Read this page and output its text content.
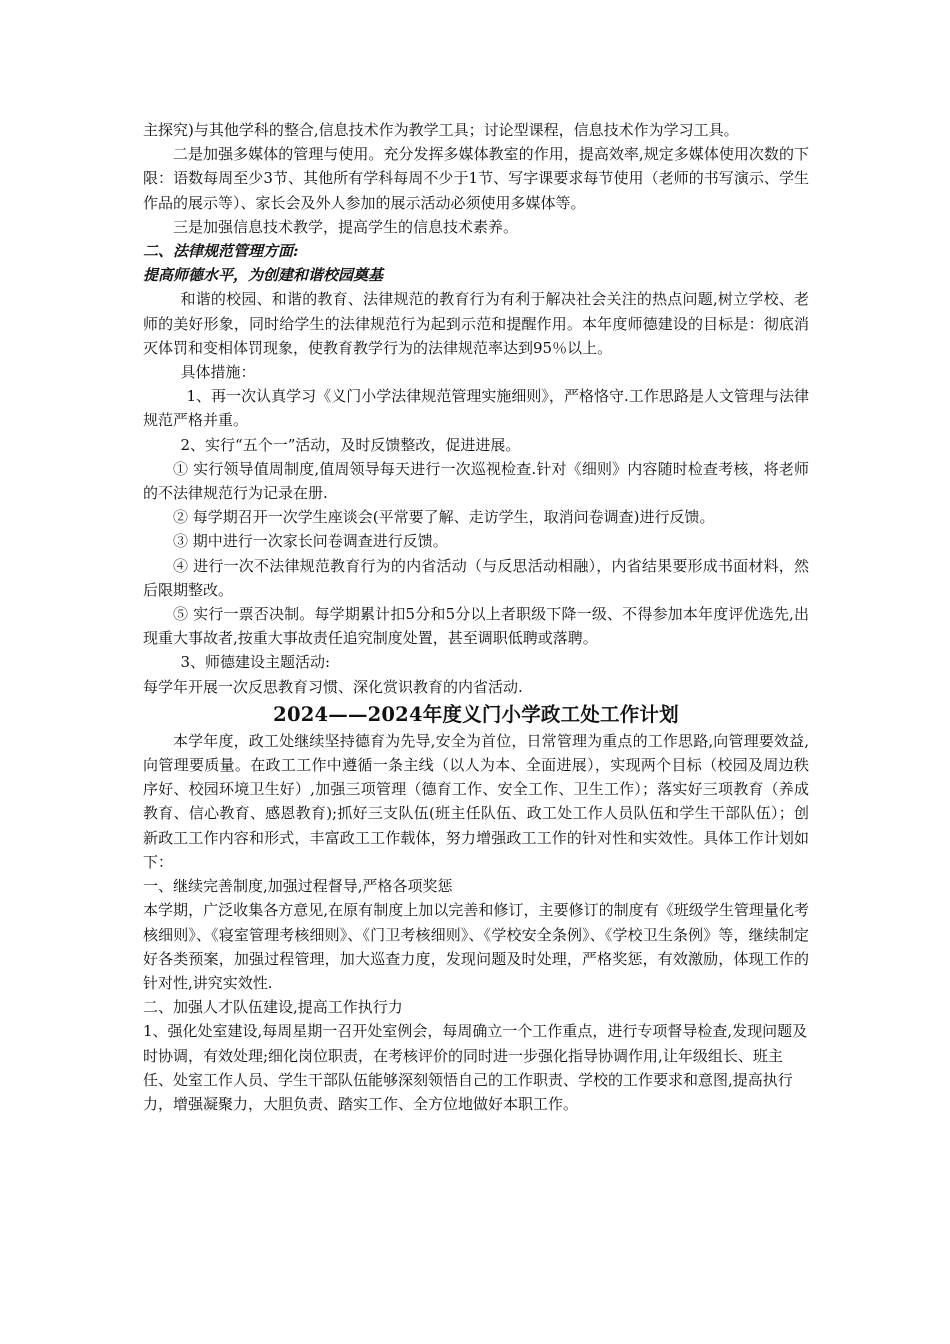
主探究)与其他学科的整合,信息技术作为教学工具；讨论型课程，信息技术作为学习工具。

二是加强多媒体的管理与使用。充分发挥多媒体教室的作用，提高效率,规定多媒体使用次数的下限：语数每周至少3节、其他所有学科每周不少于1节、写字课要求每节使用（老师的书写演示、学生作品的展示等）、家长会及外人参加的展示活动必须使用多媒体等。

三是加强信息技术教学，提高学生的信息技术素养。

二、法律规范管理方面:

提高师德水平，为创建和谐校园奠基

和谐的校园、和谐的教育、法律规范的教育行为有利于解决社会关注的热点问题,树立学校、老师的美好形象，同时给学生的法律规范行为起到示范和提醒作用。本年度师德建设的目标是：彻底消灭体罚和变相体罚现象，使教育教学行为的法律规范率达到95％以上。

具体措施：

1、再一次认真学习《义门小学法律规范管理实施细则》，严格恪守.工作思路是人文管理与法律规范严格并重。

2、实行“五个一”活动，及时反馈整改，促进进展。

① 实行领导值周制度,值周领导每天进行一次巡视检查.针对《细则》内容随时检查考核，将老师的不法律规范行为记录在册.

② 每学期召开一次学生座谈会(平常要了解、走访学生，取消问卷调查)进行反馈。

③ 期中进行一次家长问卷调查进行反馈。

④ 进行一次不法律规范教育行为的内省活动（与反思活动相融），内省结果要形成书面材料，然后限期整改。

⑤ 实行一票否决制。每学期累计扣5分和5分以上者职级下降一级、不得参加本年度评优选先,出现重大事故者,按重大事故责任追究制度处置，甚至调职低聘或落聘。

3、师德建设主题活动:

每学年开展一次反思教育习惯、深化赏识教育的内省活动.

2024——2024年度义门小学政工处工作计划

本学年度，政工处继续坚持德育为先导,安全为首位，日常管理为重点的工作思路,向管理要效益,向管理要质量。在政工工作中遵循一条主线（以人为本、全面进展），实现两个目标（校园及周边秩序好、校园环境卫生好）,加强三项管理（德育工作、安全工作、卫生工作）；落实好三项教育（养成教育、信心教育、感恩教育);抓好三支队伍(班主任队伍、政工处工作人员队伍和学生干部队伍）；创新政工工作内容和形式，丰富政工工作载体，努力增强政工工作的针对性和实效性。具体工作计划如下：

一、继续完善制度,加强过程督导,严格各项奖惩

本学期，广泛收集各方意见,在原有制度上加以完善和修订，主要修订的制度有《班级学生管理量化考核细则》、《寝室管理考核细则》、《门卫考核细则》、《学校安全条例》、《学校卫生条例》等，继续制定好各类预案，加强过程管理，加大巡查力度，发现问题及时处理，严格奖惩，有效激励，体现工作的针对性,讲究实效性.

二、加强人才队伍建设,提高工作执行力

1、强化处室建设,每周星期一召开处室例会，每周确立一个工作重点，进行专项督导检查,发现问题及时协调，有效处理;细化岗位职责，在考核评价的同时进一步强化指导协调作用,让年级组长、班主任、处室工作人员、学生干部队伍能够深刻领悟自己的工作职责、学校的工作要求和意图,提高执行力，增强凝聚力，大胆负责、踏实工作、全方位地做好本职工作。
